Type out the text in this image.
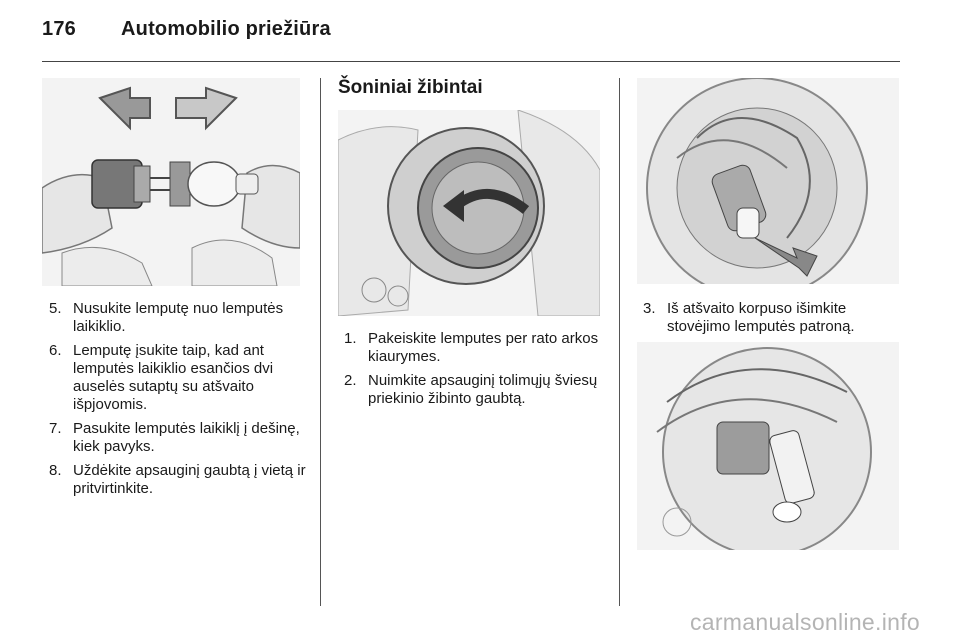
176 Automobilio priežiūra
5. Nusukite lemputę nuo lemputės laikiklio.
6. Lemputę įsukite taip, kad ant lemputės laikiklio esančios dvi auselės sutaptų su atšvaito išpjovomis.
7. Pasukite lemputės laikiklį į dešinę, kiek pavyks.
8. Uždėkite apsauginį gaubtą į vietą ir pritvirtinkite.
Šoniniai žibintai
1. Pakeiskite lemputes per rato arkos kiaurymes.
2. Nuimkite apsauginį tolimųjų šviesų priekinio žibinto gaubtą.
3. Iš atšvaito korpuso išimkite stovėjimo lemputės patroną.
carmanualsonline.info
